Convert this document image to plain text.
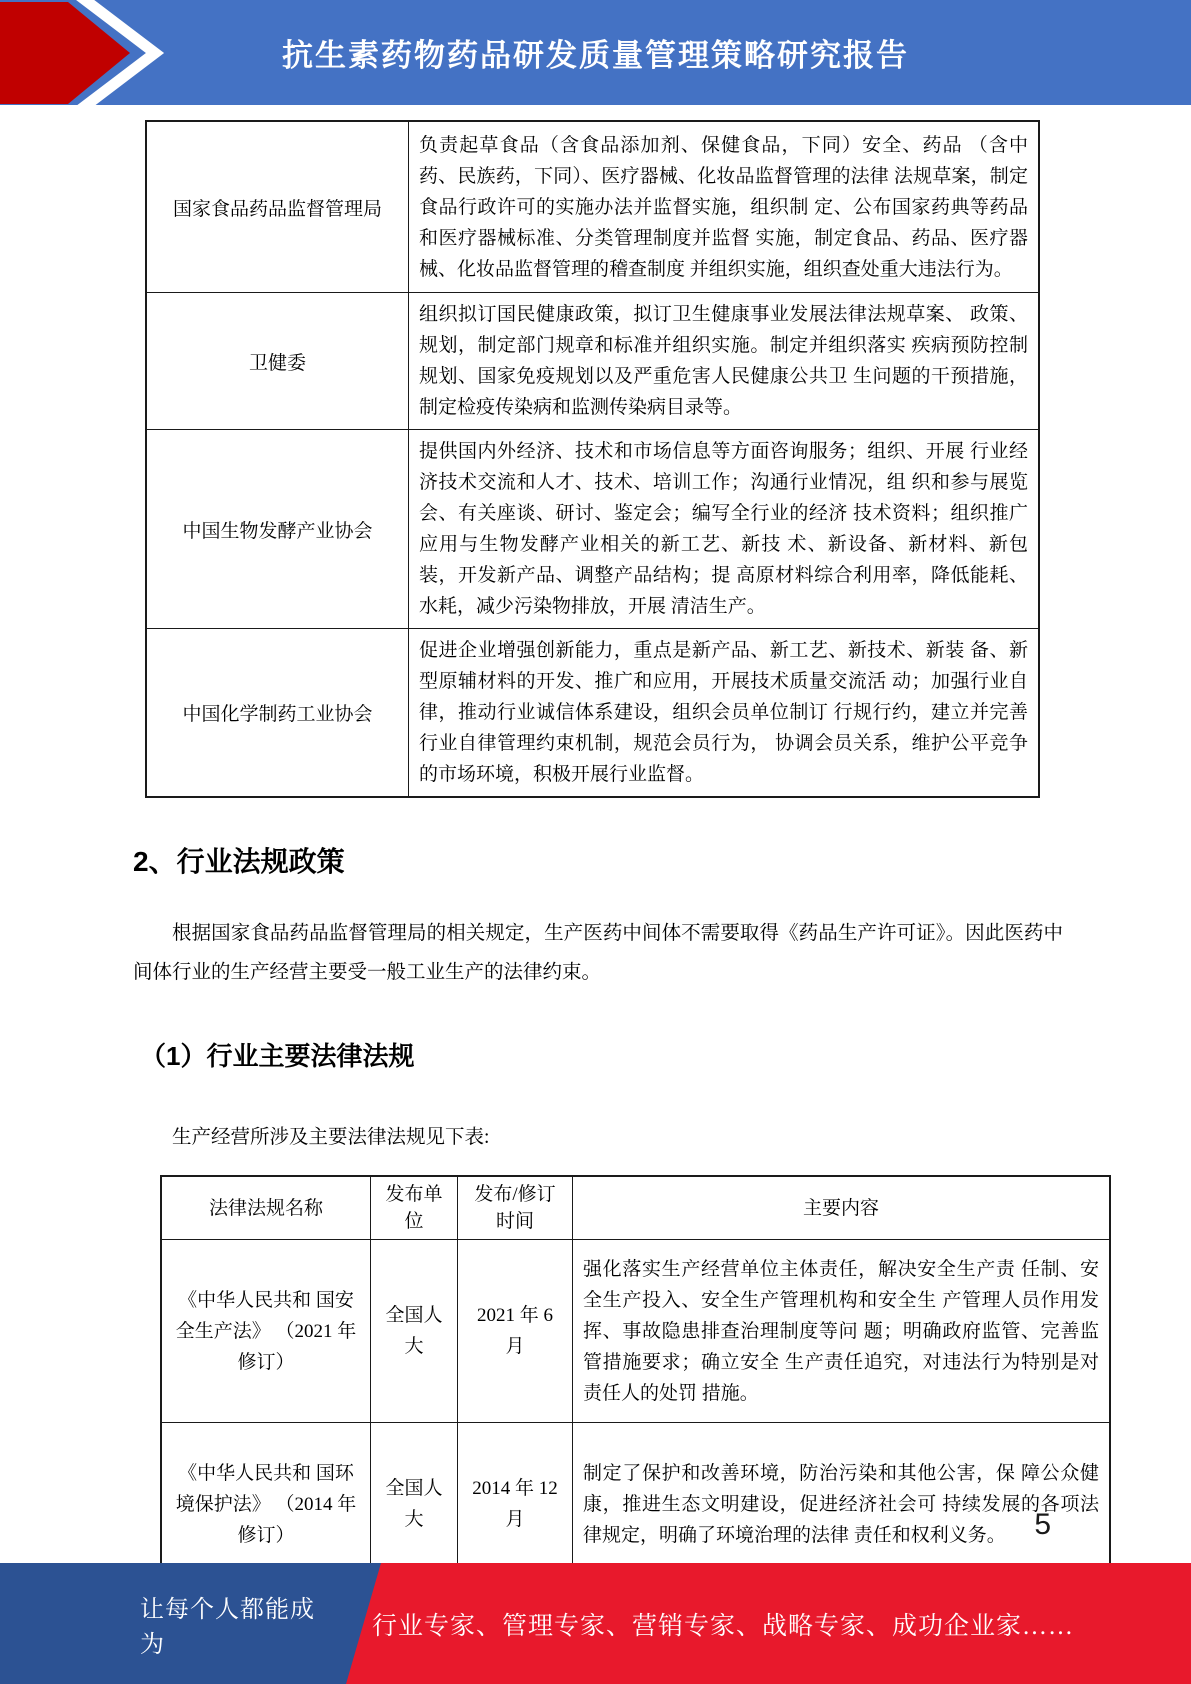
抗生素药物药品研发质量管理策略研究报告
国家食品药品监督管理局	负责起草食品（含食品添加剂、保健食品，下同）安全、药品 （含中药、民族药，下同）、医疗器械、化妆品监督管理的法律 法规草案，制定食品行政许可的实施办法并监督实施，组织制 定、公布国家药典等药品和医疗器械标准、分类管理制度并监督 实施，制定食品、药品、医疗器械、化妆品监督管理的稽查制度 并组织实施，组织查处重大违法行为。
卫健委	组织拟订国民健康政策，拟订卫生健康事业发展法律法规草案、 政策、规划，制定部门规章和标准并组织实施。制定并组织落实 疾病预防控制规划、国家免疫规划以及严重危害人民健康公共卫 生问题的干预措施，制定检疫传染病和监测传染病目录等。
中国生物发酵产业协会	提供国内外经济、技术和市场信息等方面咨询服务；组织、开展 行业经济技术交流和人才、技术、培训工作；沟通行业情况，组 织和参与展览会、有关座谈、研讨、鉴定会；编写全行业的经济 技术资料；组织推广应用与生物发酵产业相关的新工艺、新技 术、新设备、新材料、新包装，开发新产品、调整产品结构；提 高原材料综合利用率，降低能耗、水耗，减少污染物排放，开展 清洁生产。
中国化学制药工业协会	促进企业增强创新能力，重点是新产品、新工艺、新技术、新装 备、新型原辅材料的开发、推广和应用，开展技术质量交流活 动；加强行业自律，推动行业诚信体系建设，组织会员单位制订 行规行约，建立并完善行业自律管理约束机制，规范会员行为， 协调会员关系，维护公平竞争的市场环境，积极开展行业监督。
2、行业法规政策
根据国家食品药品监督管理局的相关规定，生产医药中间体不需要取得《药品生产许可证》。因此医药中间体行业的生产经营主要受一般工业生产的法律约束。
（1）行业主要法律法规
生产经营所涉及主要法律法规见下表:
法律法规名称	发布单位	发布/修订时间	主要内容
《中华人民共和 国安全生产法》 （2021 年修订）	全国人大	2021 年 6 月	强化落实生产经营单位主体责任，解决安全生产责 任制、安全生产投入、安全生产管理机构和安全生 产管理人员作用发挥、事故隐患排查治理制度等问 题；明确政府监管、完善监管措施要求；确立安全 生产责任追究，对违法行为特别是对责任人的处罚 措施。
《中华人民共和 国环境保护法》 （2014 年修订）	全国人大	2014 年 12 月	制定了保护和改善环境，防治污染和其他公害，保 障公众健康，推进生态文明建设，促进经济社会可 持续发展的各项法律规定，明确了环境治理的法律 责任和权利义务。 5
让每个人都能成为
行业专家、管理专家、营销专家、战略专家、成功企业家……
